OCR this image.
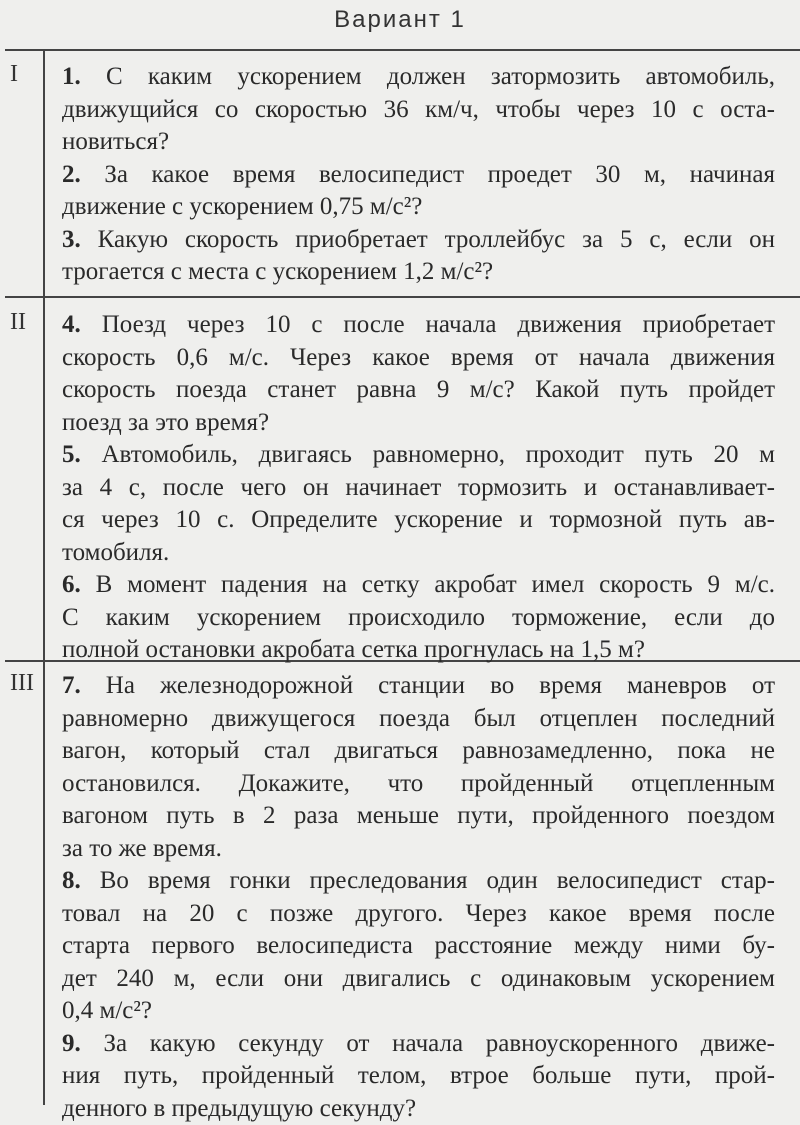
Вариант 1
I
II
III
1. С каким ускорением должен затормозить автомобиль,
движущийся со скоростью 36 км/ч, чтобы через 10 с оста-
новиться?
2. За какое время велосипедист проедет 30 м, начиная
движение с ускорением 0,75 м/с²?
3. Какую скорость приобретает троллейбус за 5 с, если он
трогается с места с ускорением 1,2 м/с²?
4. Поезд через 10 с после начала движения приобретает
скорость 0,6 м/с. Через какое время от начала движения
скорость поезда станет равна 9 м/с? Какой путь пройдет
поезд за это время?
5. Автомобиль, двигаясь равномерно, проходит путь 20 м
за 4 с, после чего он начинает тормозить и останавливает-
ся через 10 с. Определите ускорение и тормозной путь ав-
томобиля.
6. В момент падения на сетку акробат имел скорость 9 м/с.
С каким ускорением происходило торможение, если до
полной остановки акробата сетка прогнулась на 1,5 м?
7. На железнодорожной станции во время маневров от
равномерно движущегося поезда был отцеплен последний
вагон, который стал двигаться равнозамедленно, пока не
остановился. Докажите, что пройденный отцепленным
вагоном путь в 2 раза меньше пути, пройденного поездом
за то же время.
8. Во время гонки преследования один велосипедист стар-
товал на 20 с позже другого. Через какое время после
старта первого велосипедиста расстояние между ними бу-
дет 240 м, если они двигались с одинаковым ускорением
0,4 м/с²?
9. За какую секунду от начала равноускоренного движе-
ния путь, пройденный телом, втрое больше пути, прой-
денного в предыдущую секунду?
